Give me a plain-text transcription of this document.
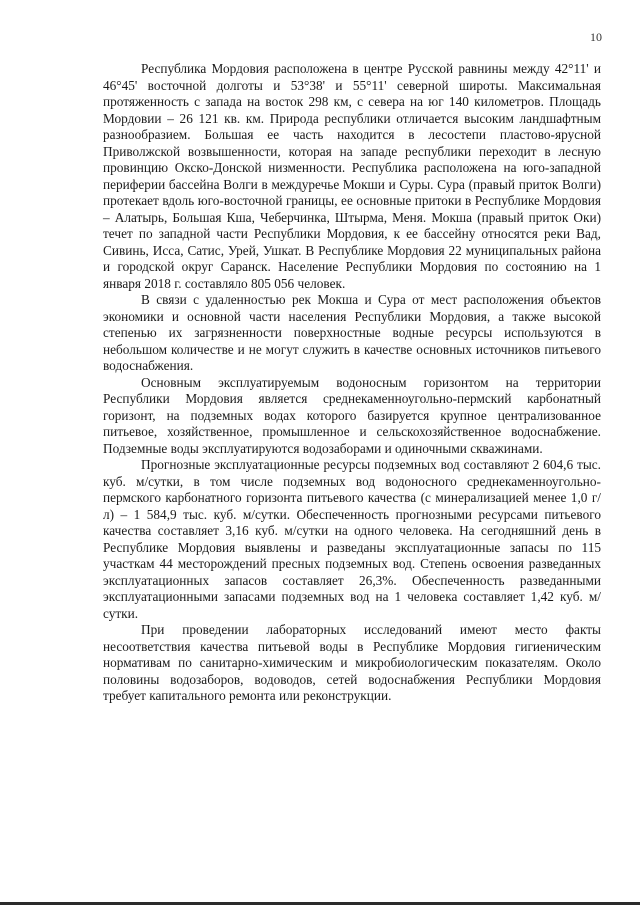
10

Республика Мордовия расположена в центре Русской равнины между 42°11' и 46°45' восточной долготы и 53°38' и 55°11' северной широты. Максимальная протяженность с запада на восток 298 км, с севера на юг 140 километров. Площадь Мордовии – 26 121 кв. км. Природа республики отличается высоким ландшафтным разнообразием. Большая ее часть находится в лесостепи пластово-ярусной Приволжской возвышенности, которая на западе республики переходит в лесную провинцию Окско-Донской низменности. Республика расположена на юго-западной периферии бассейна Волги в междуречье Мокши и Суры. Сура (правый приток Волги) протекает вдоль юго-восточной границы, ее основные притоки в Республике Мордовия – Алатырь, Большая Кша, Чеберчинка, Штырма, Меня. Мокша (правый приток Оки) течет по западной части Республики Мордовия, к ее бассейну относятся реки Вад, Сивинь, Исса, Сатис, Урей, Ушкат. В Республике Мордовия 22 муниципальных района и городской округ Саранск. Население Республики Мордовия по состоянию на 1 января 2018 г. составляло 805 056 человек.

В связи с удаленностью рек Мокша и Сура от мест расположения объектов экономики и основной части населения Республики Мордовия, а также высокой степенью их загрязненности поверхностные водные ресурсы используются в небольшом количестве и не могут служить в качестве основных источников питьевого водоснабжения.

Основным эксплуатируемым водоносным горизонтом на территории Республики Мордовия является среднекаменноугольно-пермский карбонатный горизонт, на подземных водах которого базируется крупное централизованное питьевое, хозяйственное, промышленное и сельскохозяйственное водоснабжение. Подземные воды эксплуатируются водозаборами и одиночными скважинами.

Прогнозные эксплуатационные ресурсы подземных вод составляют 2 604,6 тыс. куб. м/сутки, в том числе подземных вод водоносного среднекаменноугольно-пермского карбонатного горизонта питьевого качества (с минерализацией менее 1,0 г/л) – 1 584,9 тыс. куб. м/сутки. Обеспеченность прогнозными ресурсами питьевого качества составляет 3,16 куб. м/сутки на одного человека. На сегодняшний день в Республике Мордовия выявлены и разведаны эксплуатационные запасы по 115 участкам 44 месторождений пресных подземных вод. Степень освоения разведанных эксплуатационных запасов составляет 26,3%. Обеспеченность разведанными эксплуатационными запасами подземных вод на 1 человека составляет 1,42 куб. м/сутки.

При проведении лабораторных исследований имеют место факты несоответствия качества питьевой воды в Республике Мордовия гигиеническим нормативам по санитарно-химическим и микробиологическим показателям. Около половины водозаборов, водоводов, сетей водоснабжения Республики Мордовия требует капитального ремонта или реконструкции.
